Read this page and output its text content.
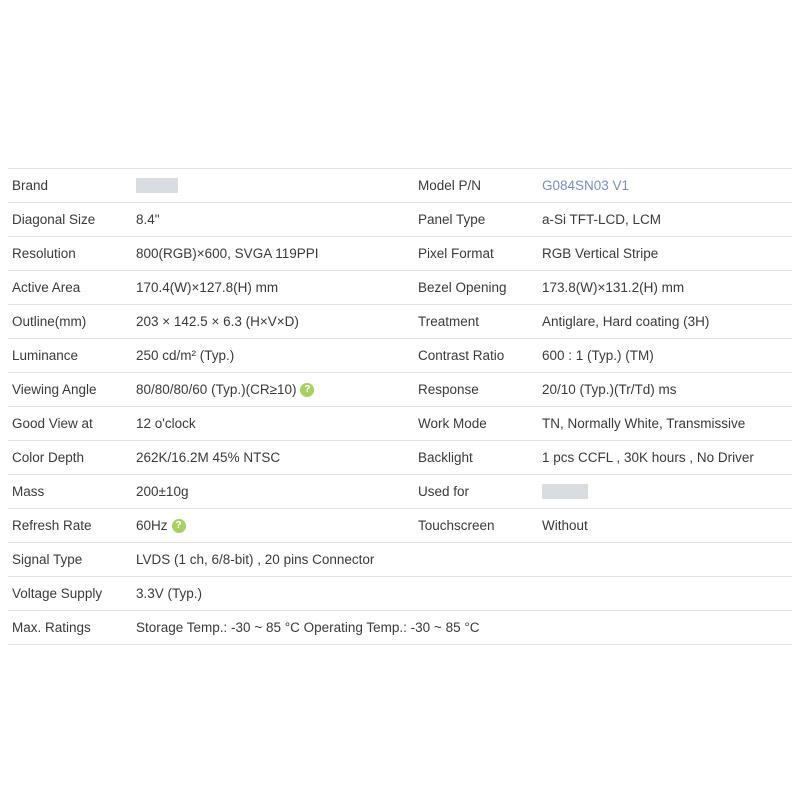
Brand		Model P/N	G084SN03 V1
Diagonal Size	8.4"	Panel Type	a-Si TFT-LCD, LCM
Resolution	800(RGB)×600, SVGA 119PPI	Pixel Format	RGB Vertical Stripe
Active Area	170.4(W)×127.8(H) mm	Bezel Opening	173.8(W)×131.2(H) mm
Outline(mm)	203 × 142.5 × 6.3 (H×V×D)	Treatment	Antiglare, Hard coating (3H)
Luminance	250 cd/m² (Typ.)	Contrast Ratio	600 : 1 (Typ.) (TM)
Viewing Angle	80/80/80/60 (Typ.)(CR≥10) ?	Response	20/10 (Typ.)(Tr/Td) ms
Good View at	12 o'clock	Work Mode	TN, Normally White, Transmissive
Color Depth	262K/16.2M 45% NTSC	Backlight	1 pcs CCFL , 30K hours , No Driver
Mass	200±10g	Used for	
Refresh Rate	60Hz ?	Touchscreen	Without
Signal Type	LVDS (1 ch, 6/8-bit) , 20 pins Connector		
Voltage Supply	3.3V (Typ.)		
Max. Ratings	Storage Temp.: -30 ~ 85 °C Operating Temp.: -30 ~ 85 °C		
